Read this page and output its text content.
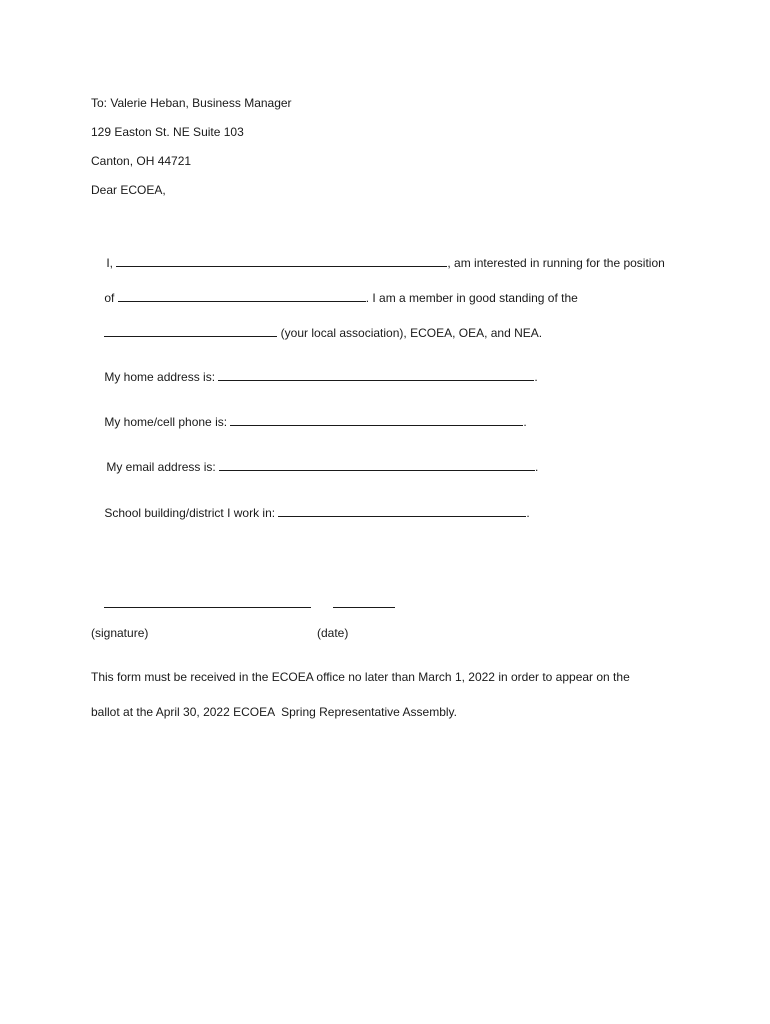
To: Valerie Heban, Business Manager
129 Easton St. NE Suite 103
Canton, OH 44721
Dear ECOEA,

I,	, am interested in running for the position

of	. I am a member in good standing of the

(your local association), ECOEA, OEA, and NEA.

My home address is:	.

My home/cell phone is:	.

My email address is:	.

School building/district I work in:	.

(signature)	(date)
This form must be received in the ECOEA office no later than March 1, 2022 in order to appear on the
ballot at the April 30, 2022 ECOEA  Spring Representative Assembly.
